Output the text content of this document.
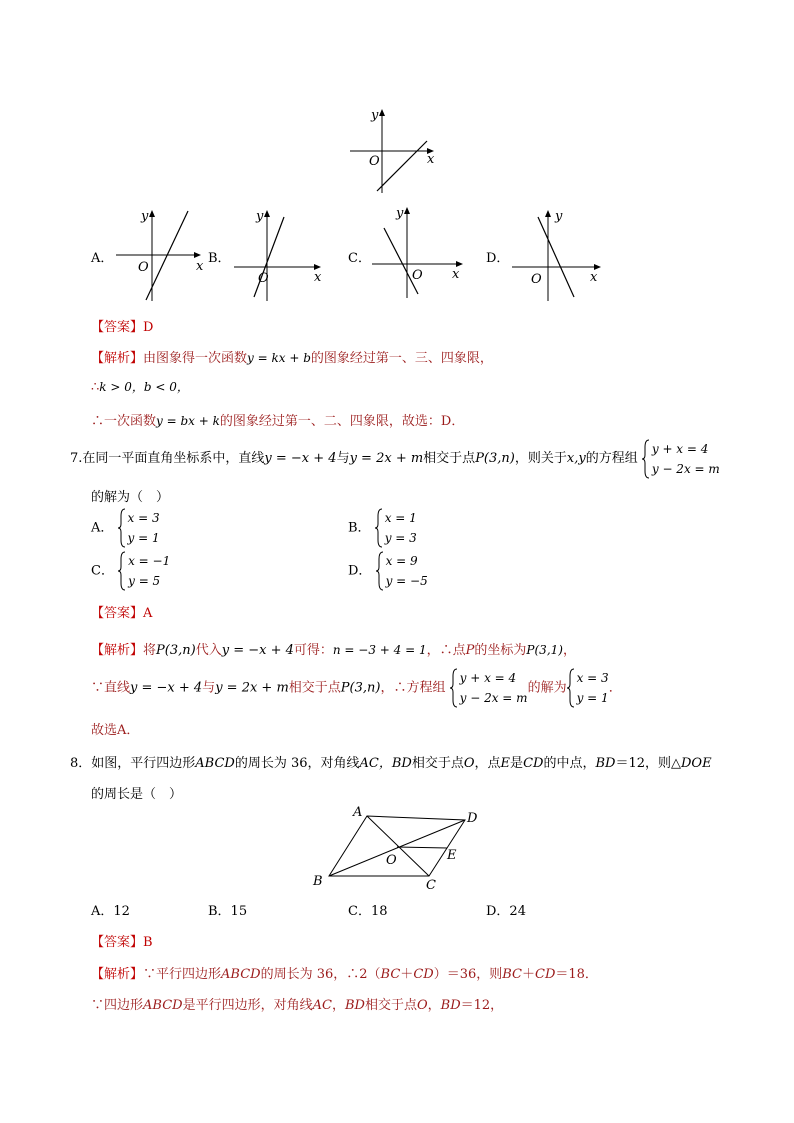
y
x
O
A．
y
x
O
B．
y
x
O
C．
y
x
O
D．
y
x
O
【答案】D
【解析】由图象得一次函数y = kx + b的图象经过第一、三、四象限，
∴k > 0，b < 0，
∴一次函数y = bx + k的图象经过第一、二、四象限，故选：D．
7.在同一平面直角坐标系中，直线y = −x + 4与y = 2x + m相交于点P(3,n)，则关于x,y的方程组
y + x = 4
y − 2x = m
的解为（　）
A．
x = 3
y = 1
B．
x = 1
y = 3
C．
x = −1
y = 5
D．
x = 9
y = −5
【答案】A
【解析】将P(3,n)代入y = −x + 4可得：n = −3 + 4 = 1，∴点P的坐标为P(3,1)，
∵直线y = −x + 4与y = 2x + m相交于点P(3,n)，∴方程组
y + x = 4
y − 2x = m
的解为
x = 3
y = 1
．
故选A．
8．如图，平行四边形ABCD的周长为 36，对角线AC，BD相交于点O，点E是CD的中点，BD＝12，则△DOE
的周长是（　）
A	D
O	E
B	C
A．12	B．15	C．18	D．24
【答案】B
【解析】∵平行四边形ABCD的周长为 36，∴2（BC＋CD）＝36，则BC＋CD＝18．
∵四边形ABCD是平行四边形，对角线AC，BD相交于点O，BD＝12，
